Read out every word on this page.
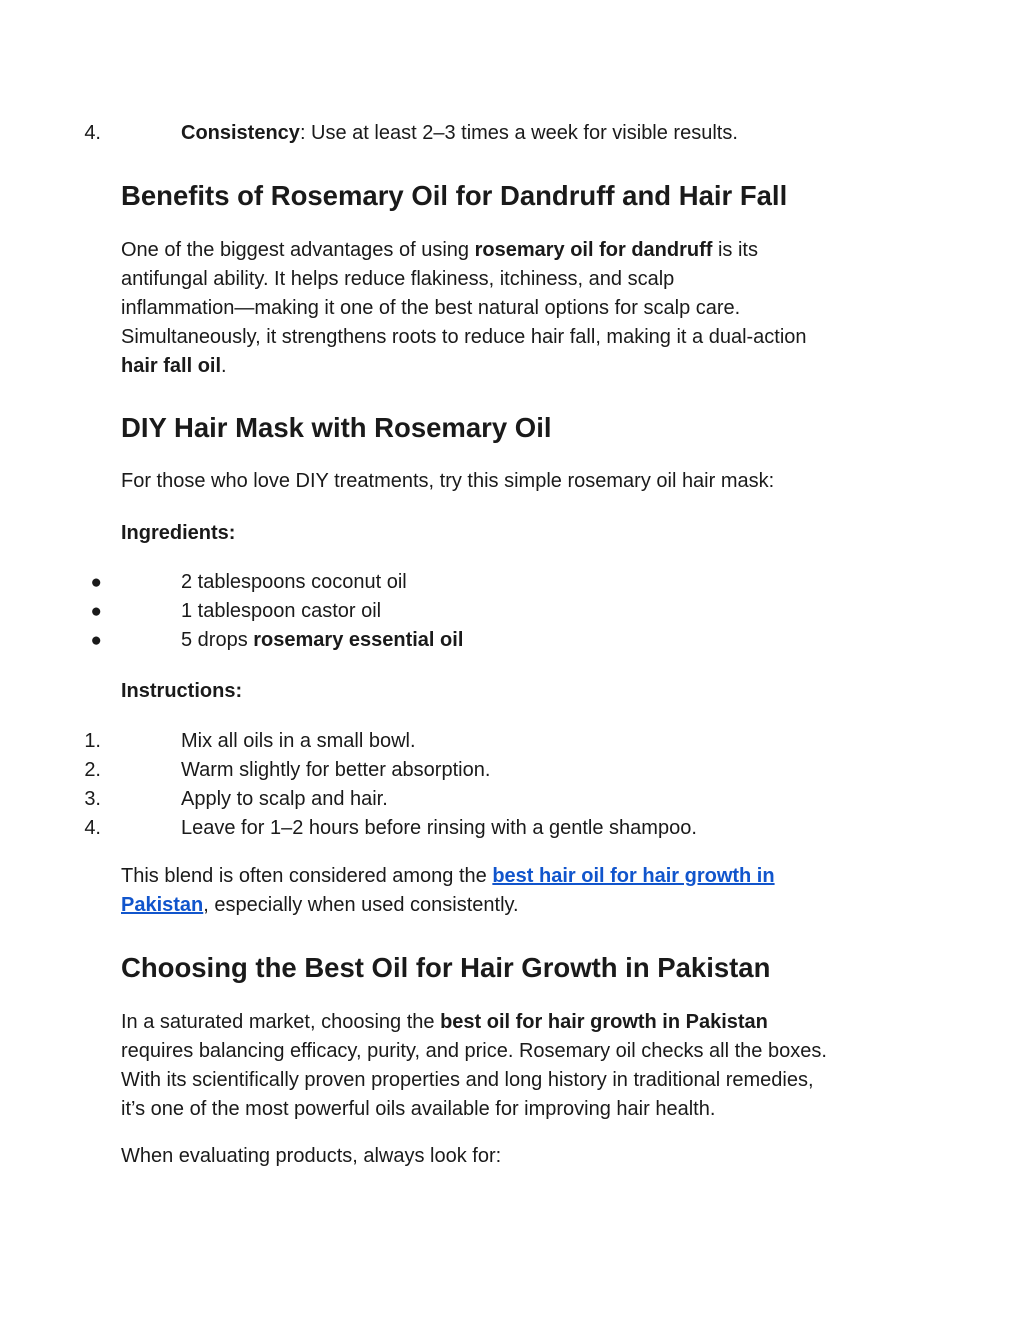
4.	Consistency: Use at least 2–3 times a week for visible results.
Benefits of Rosemary Oil for Dandruff and Hair Fall

One of the biggest advantages of using rosemary oil for dandruff is its

antifungal ability. It helps reduce flakiness, itchiness, and scalp

inflammation—making it one of the best natural options for scalp care.

Simultaneously, it strengthens roots to reduce hair fall, making it a dual-action

hair fall oil.

DIY Hair Mask with Rosemary Oil

For those who love DIY treatments, try this simple rosemary oil hair mask:

Ingredients:

●	2 tablespoons coconut oil
●	1 tablespoon castor oil
●	5 drops rosemary essential oil

Instructions:

1.	Mix all oils in a small bowl.
2.	Warm slightly for better absorption.
3.	Apply to scalp and hair.
4.	Leave for 1–2 hours before rinsing with a gentle shampoo.

This blend is often considered among the best hair oil for hair growth in

Pakistan, especially when used consistently.

Choosing the Best Oil for Hair Growth in Pakistan

In a saturated market, choosing the best oil for hair growth in Pakistan

requires balancing efficacy, purity, and price. Rosemary oil checks all the boxes.

With its scientifically proven properties and long history in traditional remedies,

it’s one of the most powerful oils available for improving hair health.

When evaluating products, always look for:
